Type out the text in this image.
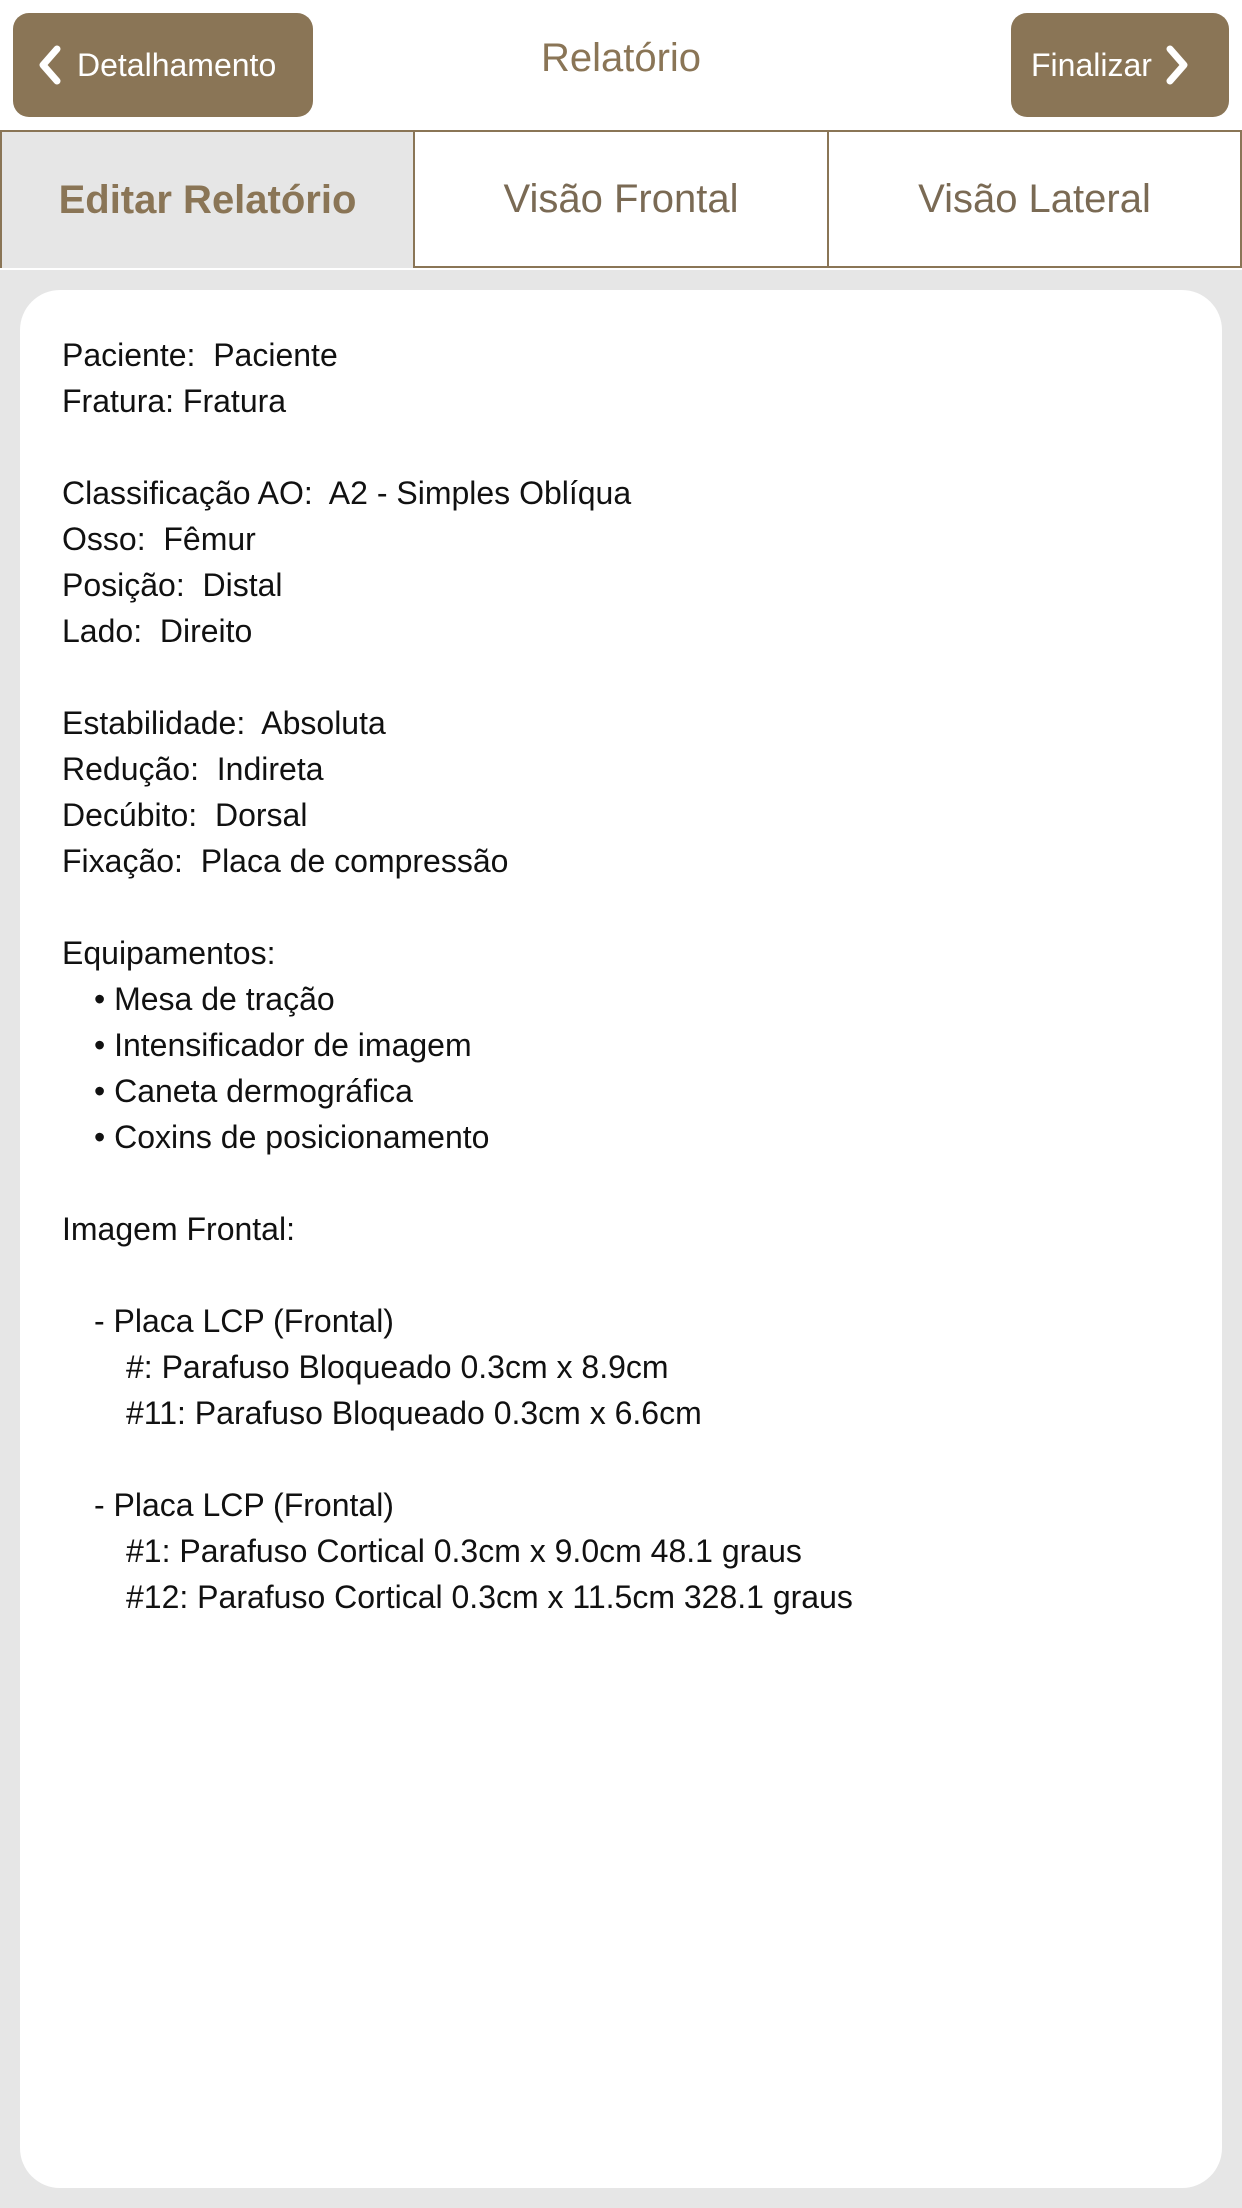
Detalhamento	Relatório	Finalizar
Editar Relatório	Visão Frontal	Visão Lateral
Paciente:  Paciente
Fratura: Fratura
Classificação AO:  A2 - Simples Oblíqua
Osso:  Fêmur
Posição:  Distal
Lado:  Direito
Estabilidade:  Absoluta
Redução:  Indireta
Decúbito:  Dorsal
Fixação:  Placa de compressão
Equipamentos:
• Mesa de tração
• Intensificador de imagem
• Caneta dermográfica
• Coxins de posicionamento
Imagem Frontal:
- Placa LCP (Frontal)
#: Parafuso Bloqueado 0.3cm x 8.9cm
#11: Parafuso Bloqueado 0.3cm x 6.6cm
- Placa LCP (Frontal)
#1: Parafuso Cortical 0.3cm x 9.0cm 48.1 graus
#12: Parafuso Cortical 0.3cm x 11.5cm 328.1 graus
